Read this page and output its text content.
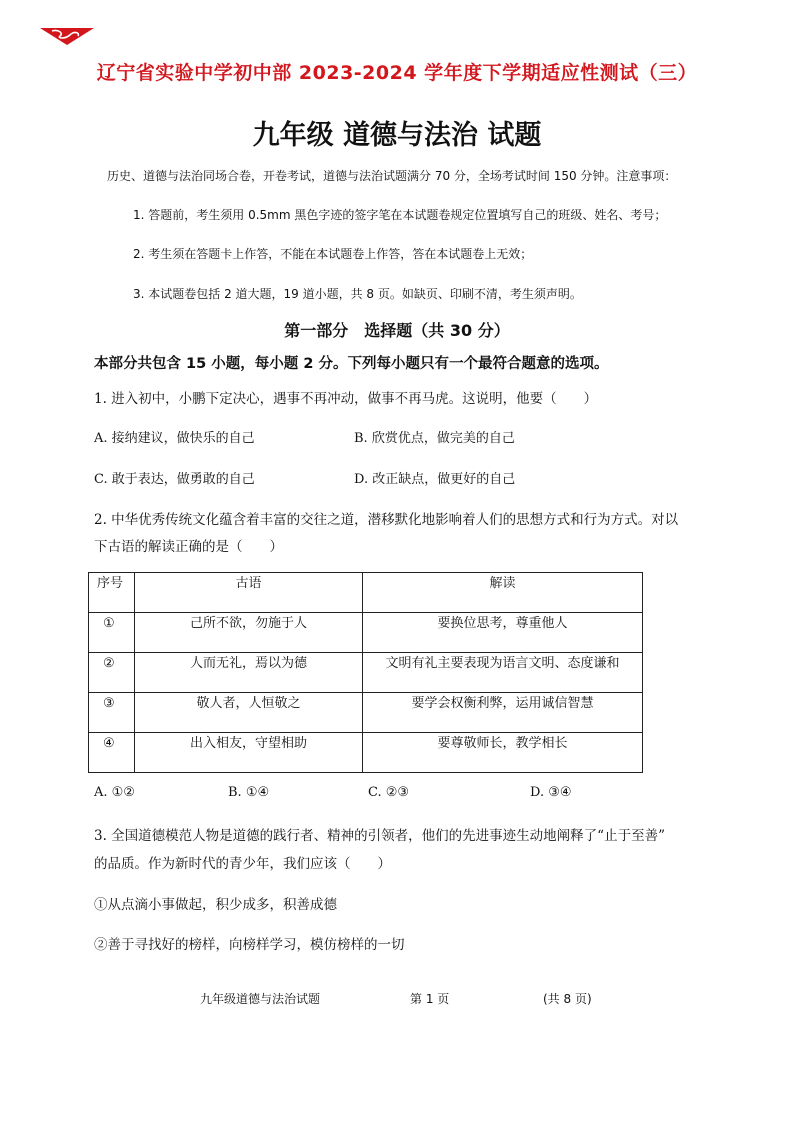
辽宁省实验中学初中部 2023-2024 学年度下学期适应性测试（三）
九年级 道德与法治 试题
历史、道德与法治同场合卷，开卷考试，道德与法治试题满分 70 分，全场考试时间 150 分钟。注意事项：
1. 答题前，考生须用 0.5mm 黑色字迹的签字笔在本试题卷规定位置填写自己的班级、姓名、考号；
2. 考生须在答题卡上作答，不能在本试题卷上作答，答在本试题卷上无效；
3. 本试题卷包括 2 道大题，19 道小题，共 8 页。如缺页、印刷不清，考生须声明。
第一部分　选择题（共 30 分）
本部分共包含 15 小题，每小题 2 分。下列每小题只有一个最符合题意的选项。
1. 进入初中，小鹏下定决心，遇事不再冲动，做事不再马虎。这说明，他要（　　）
A. 接纳建议，做快乐的自己	B. 欣赏优点，做完美的自己
C. 敢于表达，做勇敢的自己	D. 改正缺点，做更好的自己
2. 中华优秀传统文化蕴含着丰富的交往之道，潜移默化地影响着人们的思想方式和行为方式。对以
下古语的解读正确的是（　　）
序号	古语	解读
①	己所不欲，勿施于人	要换位思考，尊重他人
②	人而无礼，焉以为德	文明有礼主要表现为语言文明、态度谦和
③	敬人者，人恒敬之	要学会权衡利弊，运用诚信智慧
④	出入相友，守望相助	要尊敬师长，教学相长
A. ①②	B. ①④	C. ②③	D. ③④
3. 全国道德模范人物是道德的践行者、精神的引领者，他们的先进事迹生动地阐释了“止于至善”
的品质。作为新时代的青少年，我们应该（　　）
①从点滴小事做起，积少成多，积善成德
②善于寻找好的榜样，向榜样学习，模仿榜样的一切
九年级道德与法治试题	第 1 页	(共 8 页)
